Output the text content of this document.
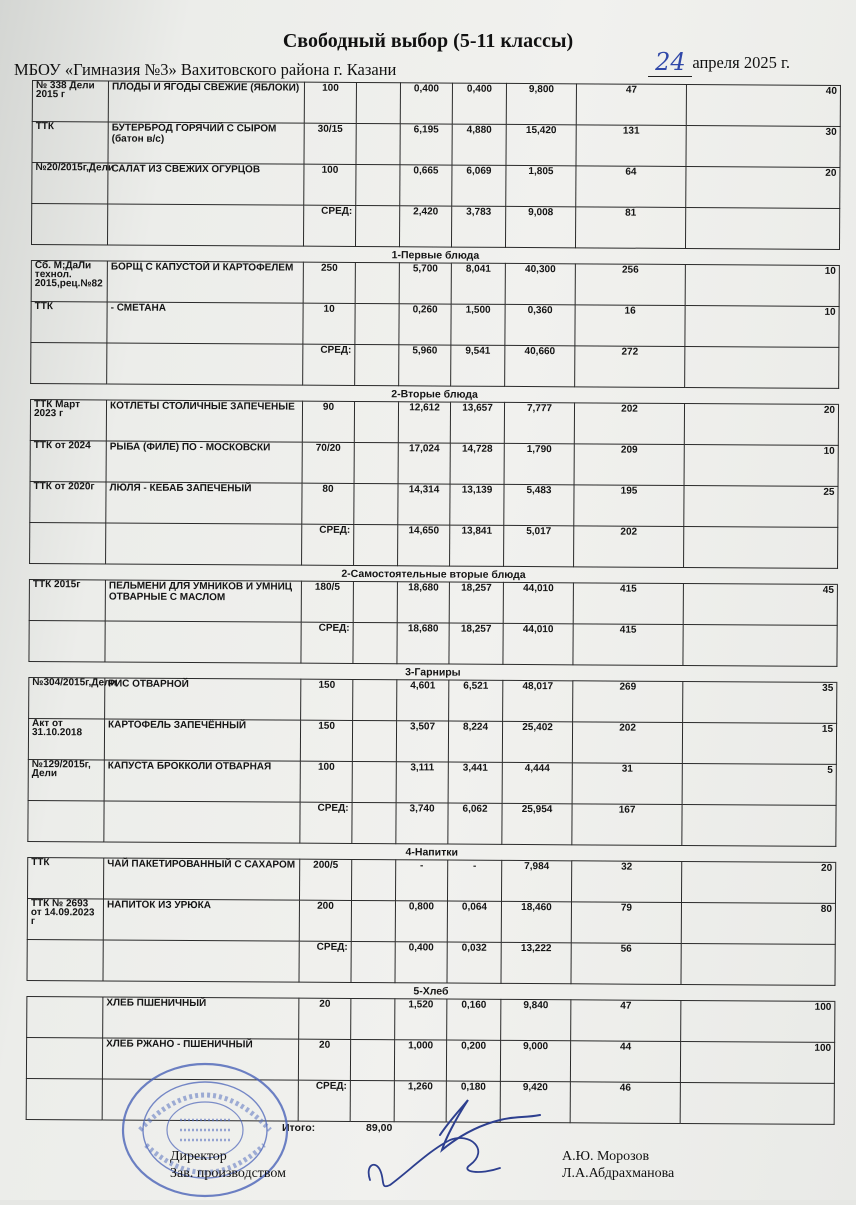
Свободный выбор (5-11 классы)
МБОУ «Гимназия №3» Вахитовского района г. Казани	24 апреля 2025 г.
№ 338 Дели 2015 г	ПЛОДЫ И ЯГОДЫ СВЕЖИЕ (ЯБЛОКИ)	100		0,400	0,400	9,800	47	40
ТТК	БУТЕРБРОД ГОРЯЧИЙ С СЫРОМ (батон в/с)	30/15		6,195	4,880	15,420	131	30
№20/2015г,Дели	САЛАТ ИЗ СВЕЖИХ ОГУРЦОВ	100		0,665	6,069	1,805	64	20
		СРЕД:		2,420	3,783	9,008	81	
1-Первые блюда								
Сб. М;ДаЛи технол. 2015,рец.№82	БОРЩ С КАПУСТОЙ И КАРТОФЕЛЕМ	250		5,700	8,041	40,300	256	10
ТТК	- СМЕТАНА	10		0,260	1,500	0,360	16	10
		СРЕД:		5,960	9,541	40,660	272	
2-Вторые блюда								
ТТК Март 2023 г	КОТЛЕТЫ СТОЛИЧНЫЕ ЗАПЕЧЕНЫЕ	90		12,612	13,657	7,777	202	20
ТТК от 2024	РЫБА (ФИЛЕ) ПО - МОСКОВСКИ	70/20		17,024	14,728	1,790	209	10
ТТК от 2020г	ЛЮЛЯ - КЕБАБ ЗАПЕЧЕНЫЙ	80		14,314	13,139	5,483	195	25
		СРЕД:		14,650	13,841	5,017	202	
2-Самостоятельные вторые блюда								
ТТК 2015г	ПЕЛЬМЕНИ ДЛЯ УМНИКОВ И УМНИЦ ОТВАРНЫЕ С МАСЛОМ	180/5		18,680	18,257	44,010	415	45
		СРЕД:		18,680	18,257	44,010	415	
3-Гарниры								
№304/2015г,Дели	РИС ОТВАРНОЙ	150		4,601	6,521	48,017	269	35
Акт от 31.10.2018	КАРТОФЕЛЬ ЗАПЕЧЁННЫЙ	150		3,507	8,224	25,402	202	15
№129/2015г, Дели	КАПУСТА БРОККОЛИ ОТВАРНАЯ	100		3,111	3,441	4,444	31	5
		СРЕД:		3,740	6,062	25,954	167	
4-Напитки								
ТТК	ЧАЙ ПАКЕТИРОВАННЫЙ С САХАРОМ	200/5		-	-	7,984	32	20
ТТК № 2693 от 14.09.2023 г	НАПИТОК ИЗ УРЮКА	200		0,800	0,064	18,460	79	80
		СРЕД:		0,400	0,032	13,222	56	
5-Хлеб								
	ХЛЕБ ПШЕНИЧНЫЙ	20		1,520	0,160	9,840	47	100
	ХЛЕБ РЖАНО - ПШЕНИЧНЫЙ	20		1,000	0,200	9,000	44	100
		СРЕД:		1,260	0,180	9,420	46	
Итого:	89,00
Директор
Зав. производством
А.Ю. Морозов
Л.А.Абдрахманова
